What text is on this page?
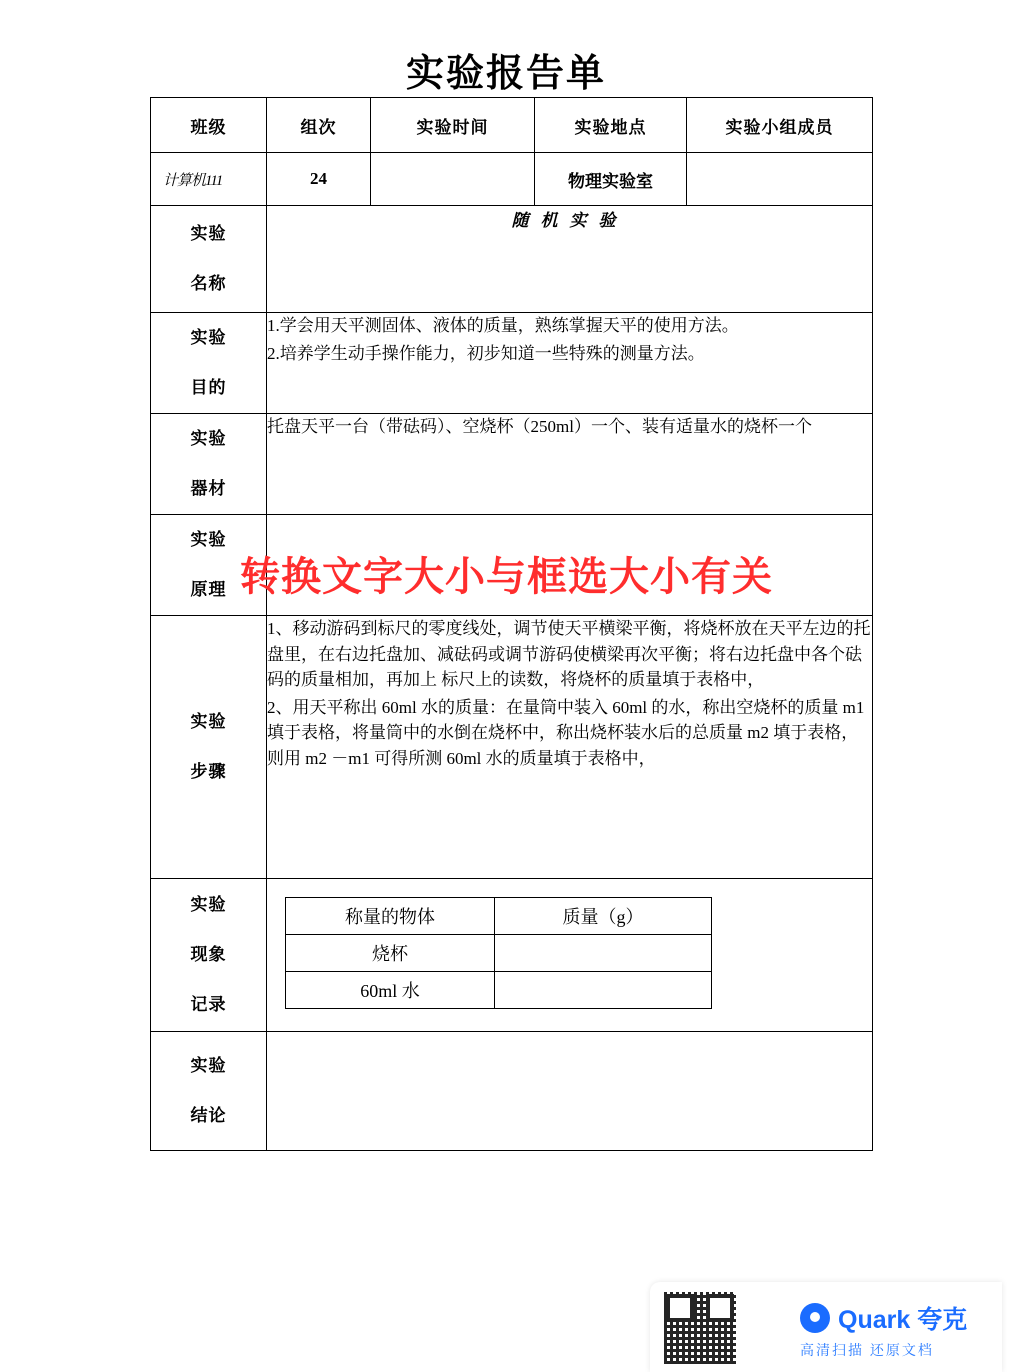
实验报告单
班级	组次	实验时间	实验地点	实验小组成员
计算机111	24		物理实验室	

实验
名称
	随机实验

实验
目的

1.学会用天平测固体、液体的质量，熟练掌握天平的使用方法。

2.培养学生动手操作能力，初步知道一些特殊的测量方法。

实验
器材

托盘天平一台（带砝码）、空烧杯（250ml）一个、装有适量水的烧杯一个

实验
原理

实验
步骤

1、移动游码到标尺的零度线处，调节使天平横梁平衡，将烧杯放在天平左边的托盘里，在右边托盘加、减砝码或调节游码使横梁再次平衡；将右边托盘中各个砝码的质量相加，再加上 标尺上的读数，将烧杯的质量填于表格中，

2、用天平称出 60ml 水的质量：在量筒中装入 60ml 的水，称出空烧杯的质量 m1 填于表格，将量筒中的水倒在烧杯中，称出烧杯装水后的总质量 m2 填于表格，则用 m2 －m1 可得所测 60ml 水的质量填于表格中，

实验
现象
记录

称量的物体	质量（g）
烧杯	
60ml 水	

实验
结论

转换文字大小与框选大小有关
Quark 夸克
高清扫描 还原文档
